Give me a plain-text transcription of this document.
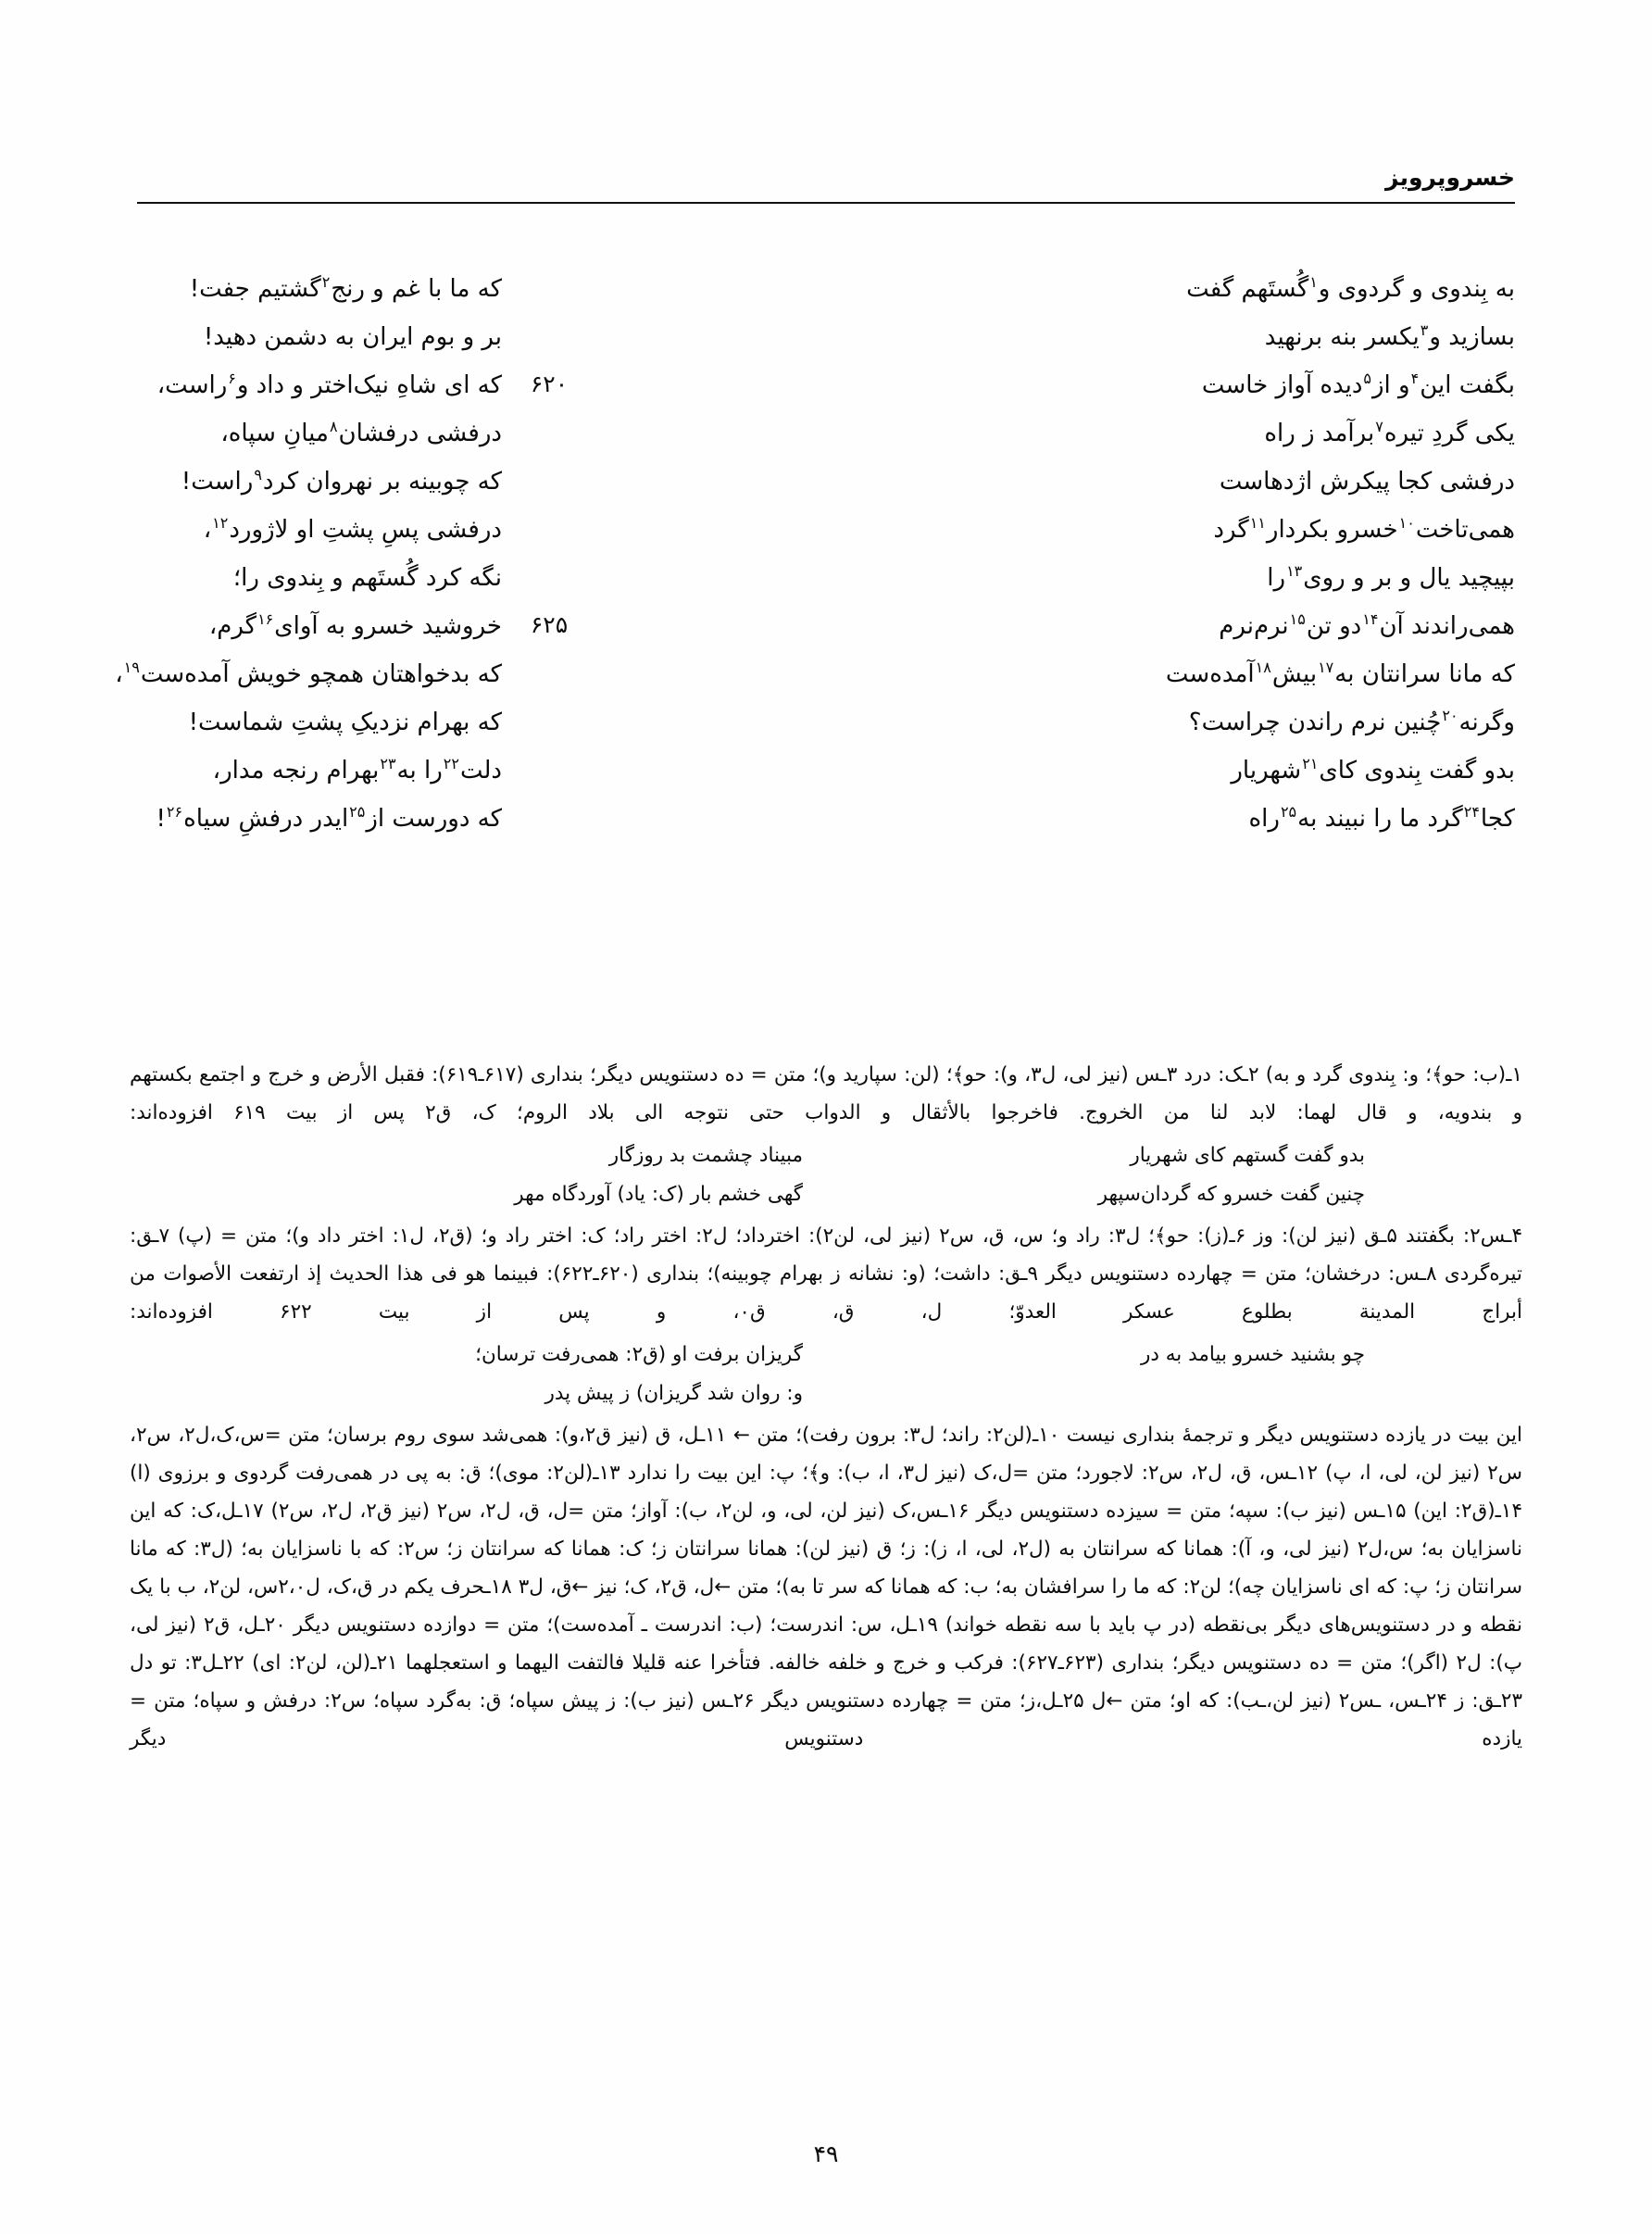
خسروپرویز
به بِندوی و گردوی و$^۱$گُستَهم گفت
که ما با غم و رنج$^۲$گشتیم جفت!
بسازید و$^۳$یکسر بنه برنهید
بر و بوم ایران به دشمن دهید!
۶۲۰	بگفت این$^۴$و از$^۵$دیده آواز خاست
که ای شاهِ نیک‌اختر و داد و$^۶$راست،
یکی گردِ تیره$^۷$برآمد ز راه
درفشی درفشان$^۸$میانِ سپاه،
درفشی کجا پیکرش اژدهاست
که چوبینه بر نهروان کرد$^۹$راست!
همی‌تاخت$^{۱۰}$خسرو بکردار$^{۱۱}$گرد
درفشی پسِ پشتِ او لاژورد$^{۱۲}$،
بپیچید یال و بر و روی$^{۱۳}$را
نگه کرد گُستَهم و بِندوی را؛
۶۲۵	همی‌راندند آن$^{۱۴}$دو تن$^{۱۵}$نرم‌نرم
خروشید خسرو به آوای$^{۱۶}$گرم،
که مانا سرانتان به$^{۱۷}$بیش$^{۱۸}$آمده‌ست
که بدخواهتان همچو خویش آمده‌ست$^{۱۹}$،
وگرنه$^{۲۰}$چُنین نرم راندن چراست؟
که بهرام نزدیکِ پشتِ شماست!
بدو گفت بِندوی کای$^{۲۱}$شهریار
دلت$^{۲۲}$را به$^{۲۳}$بهرام رنجه مدار،
کجا$^{۲۴}$گرد ما را نبیند به$^{۲۵}$راه
که دورست از$^{۲۵}$ایدر درفشِ سیاه$^{۲۶}$!

۱ـ(ب: حو﴾؛ و: بِندوی گرد و به) ۲ـک: درد ۳ـس (نیز لی، ل۳، و): حو﴾؛ (لن: سپارید و)؛ متن = ده دستنویس دیگر؛ بنداری (۶۱۷ـ۶۱۹): فقبل الأرض و خرج و اجتمع بکستهم و بندویه، و قال لهما: لابد لنا من الخروج. فاخرجوا بالأثقال و الدواب حتی نتوجه الی بلاد الروم؛ ک، ق۲ پس از بیت ۶۱۹ افزوده‌اند:

بدو گفت گستهم کای شهریار
مبیناد چشمت بد روزگار
چنین گفت خسرو که گردان‌سپهر
گهی خشم بار (ک: یاد) آوردگاه مهر

۴ـس۲: بگفتند ۵ـق (نیز لن): وز ۶ـ(ز): حو﴾؛ ل۳: راد و؛ س، ق، س۲ (نیز لی، لن۲): اخترداد؛ ل۲: اختر راد؛ ک: اختر راد و؛ (ق۲، ل۱: اختر داد و)؛ متن = (پ) ۷ـق: تیره‌گردی ۸ـس: درخشان؛ متن = چهارده دستنویس دیگر ۹ـق: داشت؛ (و: نشانه ز بهرام چوبینه)؛ بنداری (۶۲۰ـ۶۲۲): فبینما هو فی هذا الحدیث إذ ارتفعت الأصوات من أبراج المدینة بطلوع عسکر العدوّ؛ ل، ق، ق۰، و پس از بیت ۶۲۲ افزوده‌اند:

چو بشنید خسرو بیامد به در
گریزان برفت او (ق۲: همی‌رفت ترسان؛
و: روان شد گریزان) ز پیش پدر

این بیت در یازده دستنویس دیگر و ترجمهٔ بنداری نیست ۱۰ـ(لن۲: راند؛ ل۳: برون رفت)؛ متن ← ۱۱ـل، ق (نیز ق۲،و): همی‌شد سوی روم برسان؛ متن =س،ک،ل۲، س۲، س۲ (نیز لن، لی، ا، پ) ۱۲ـس، ق، ل۲، س۲: لاجورد؛ متن =ل،ک (نیز ل۳، ا، ب): و﴾؛ پ: این بیت را ندارد ۱۳ـ(لن۲: موی)؛ ق: به پی در همی‌رفت گردوی و برزوی (ا) ۱۴ـ(ق۲: این) ۱۵ـس (نیز ب): سپه؛ متن = سیزده دستنویس دیگر ۱۶ـس،ک (نیز لن، لی، و، لن۲، ب): آواز؛ متن =ل، ق، ل۲، س۲ (نیز ق۲، ل۲، س۲) ۱۷ـل،ک: که این ناسزایان به؛ س،ل۲ (نیز لی، و، آ): همانا که سرانتان به (ل۲، لی، ا، ز): ز؛ ق (نیز لن): همانا سرانتان ز؛ ک: همانا که سرانتان ز؛ س۲: که با ناسزایان به؛ (ل۳: که مانا سرانتان ز؛ پ: که ای ناسزایان چه)؛ لن۲: که ما را سرافشان به؛ ب: که همانا که سر تا به)؛ متن ←ل، ق۲، ک؛ نیز ←ق، ل۳ ۱۸ـحرف یکم در ق،ک، ل۲،۰س، لن۲، ب با یک نقطه و در دستنویس‌های دیگر بی‌نقطه (در پ باید با سه نقطه خواند) ۱۹ـل، س: اندرست؛ (ب: اندرست ـ آمده‌ست)؛ متن = دوازده دستنویس دیگر ۲۰ـل، ق۲ (نیز لی، پ): ل۲ (اگر)؛ متن = ده دستنویس دیگر؛ بنداری (۶۲۳ـ۶۲۷): فرکب و خرج و خلفه خالفه. فتأخرا عنه قلیلا فالتفت الیهما و استعجلهما ۲۱ـ(لن، لن۲: ای) ۲۲ـل۳: تو دل ۲۳ـق: ز ۲۴ـس، ـس۲ (نیز لن،ـب): که او؛ متن ←ل ۲۵ـل،ز؛ متن = چهارده دستنویس دیگر ۲۶ـس (نیز ب): ز پیش سپاه؛ ق: به‌گرد سپاه؛ س۲: درفش و سپاه؛ متن = یازده دستنویس دیگر

۴۹
